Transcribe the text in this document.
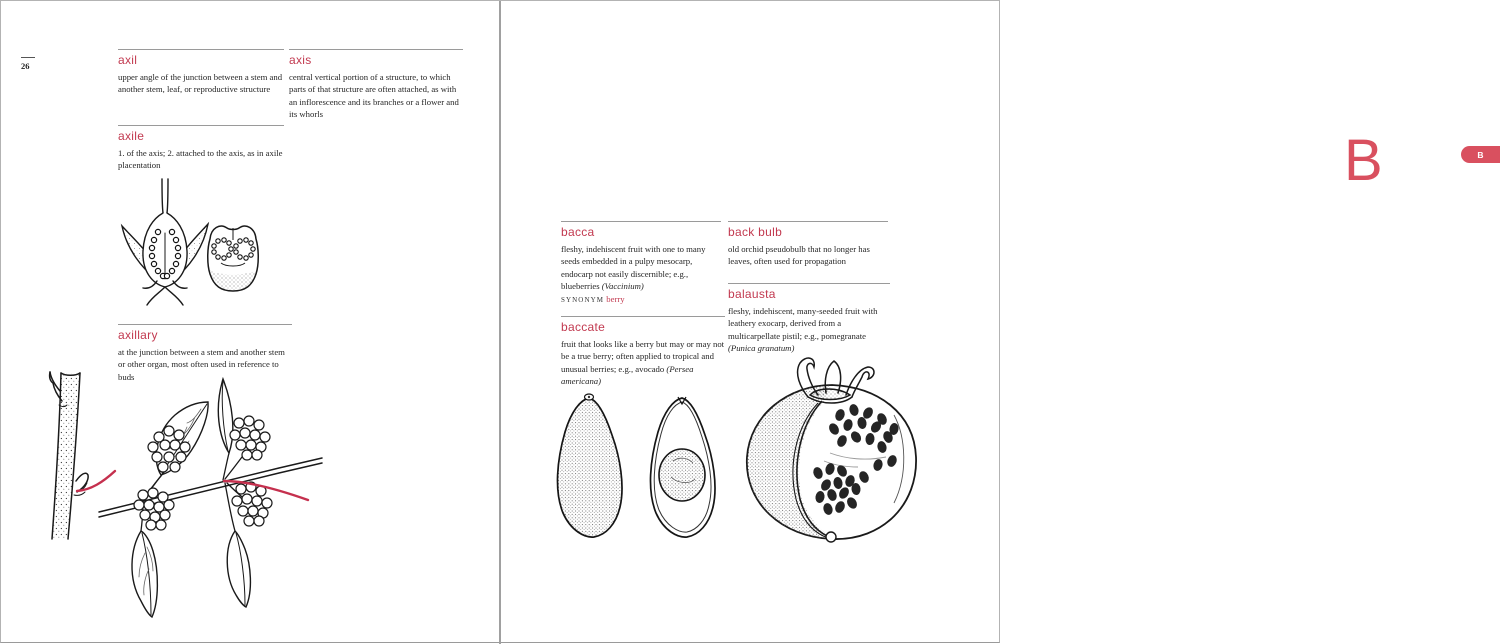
26	axil
upper angle of the junction between a stem and another stem, leaf, or reproductive structure
axis
central vertical portion of a structure, to which parts of that structure are often attached, as with an inflorescence and its branches or a flower and its whorls
axile
1. of the axis; 2. attached to the axis, as in axile placentation
axillary
at the junction between a stem and another stem or other organ, most often used in reference to buds
B	B
bacca
fleshy, indehiscent fruit with one to many seeds embedded in a pulpy mesocarp, endocarp not easily discernible; e.g., blueberries (Vaccinium)
SYNONYM berry
back bulb
old orchid pseudobulb that no longer has leaves, often used for propagation
balausta
fleshy, indehiscent, many-seeded fruit with leathery exocarp, derived from a multicarpellate pistil; e.g., pomegranate (Punica granatum)
baccate
fruit that looks like a berry but may or may not be a true berry; often applied to tropical and unusual berries; e.g., avocado (Persea americana)
